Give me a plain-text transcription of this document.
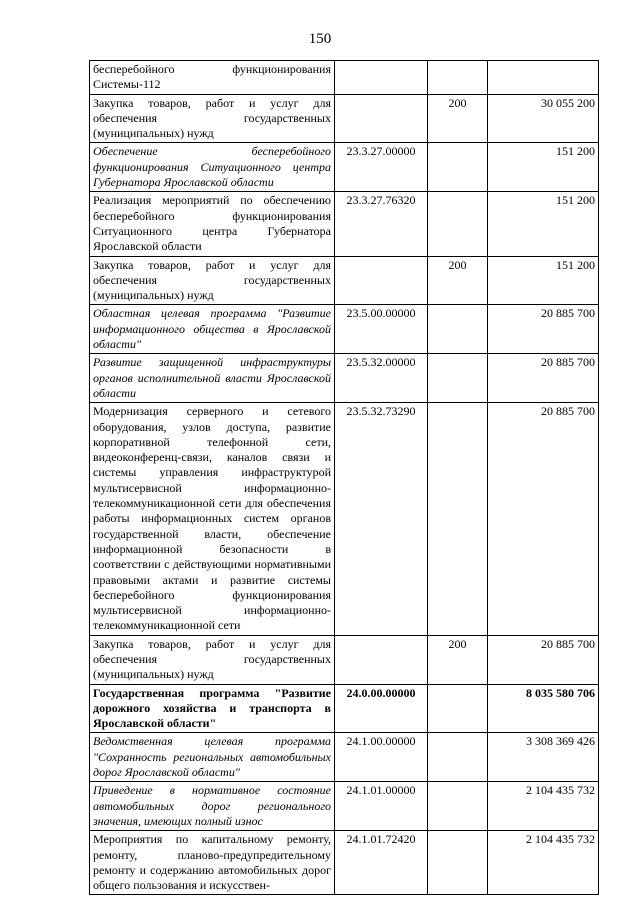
150
бесперебойного функционирования Системы-112			
Закупка товаров, работ и услуг для обеспечения государственных (муниципальных) нужд		200	30 055 200
Обеспечение бесперебойного функционирования Ситуационного центра Губернатора Ярославской области	23.3.27.00000		151 200
Реализация мероприятий по обеспечению бесперебойного функционирования Ситуационного центра Губернатора Ярославской области	23.3.27.76320		151 200
Закупка товаров, работ и услуг для обеспечения государственных (муниципальных) нужд		200	151 200
Областная целевая программа "Развитие информационного общества в Ярославской области"	23.5.00.00000		20 885 700
Развитие защищенной инфраструктуры органов исполнительной власти Ярославской области	23.5.32.00000		20 885 700
Модернизация серверного и сетевого оборудования, узлов доступа, развитие корпоративной телефонной сети, видеоконференц-связи, каналов связи и системы управления инфраструктурой мультисервисной информационно-телекоммуникационной сети для обеспечения работы информационных систем органов государственной власти, обеспечение информационной безопасности в соответствии с действующими нормативными правовыми актами и развитие системы бесперебойного функционирования мультисервисной информационно-телекоммуникационной сети	23.5.32.73290		20 885 700
Закупка товаров, работ и услуг для обеспечения государственных (муниципальных) нужд		200	20 885 700
Государственная программа "Развитие дорожного хозяйства и транспорта в Ярославской области"	24.0.00.00000		8 035 580 706
Ведомственная целевая программа "Сохранность региональных автомобильных дорог Ярославской области"	24.1.00.00000		3 308 369 426
Приведение в нормативное состояние автомобильных дорог регионального значения, имеющих полный износ	24.1.01.00000		2 104 435 732
Мероприятия по капитальному ремонту, ремонту, планово-предупредительному ремонту и содержанию автомобильных дорог общего пользования и искусствен-	24.1.01.72420		2 104 435 732
